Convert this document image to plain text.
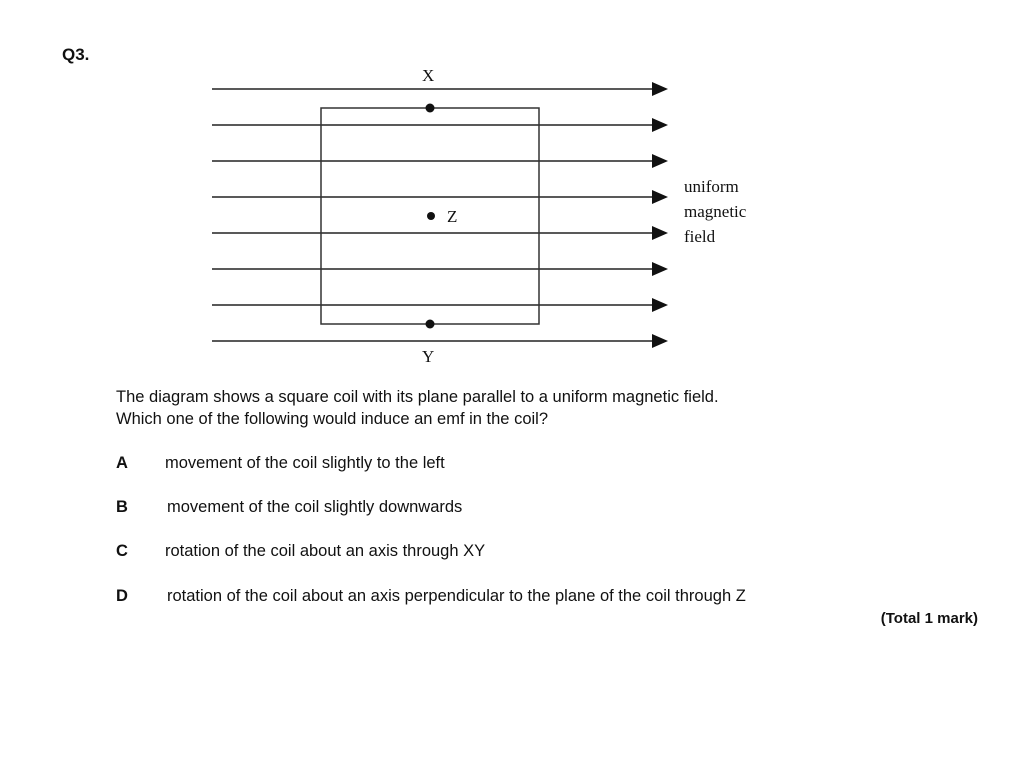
Q3.
X
Y
Z
uniform
magnetic
field
The diagram shows a square coil with its plane parallel to a uniform magnetic field.
Which one of the following would induce an emf in the coil?
A movement of the coil slightly to the left
B movement of the coil slightly downwards
C rotation of the coil about an axis through XY
D rotation of the coil about an axis perpendicular to the plane of the coil through Z
(Total 1 mark)
